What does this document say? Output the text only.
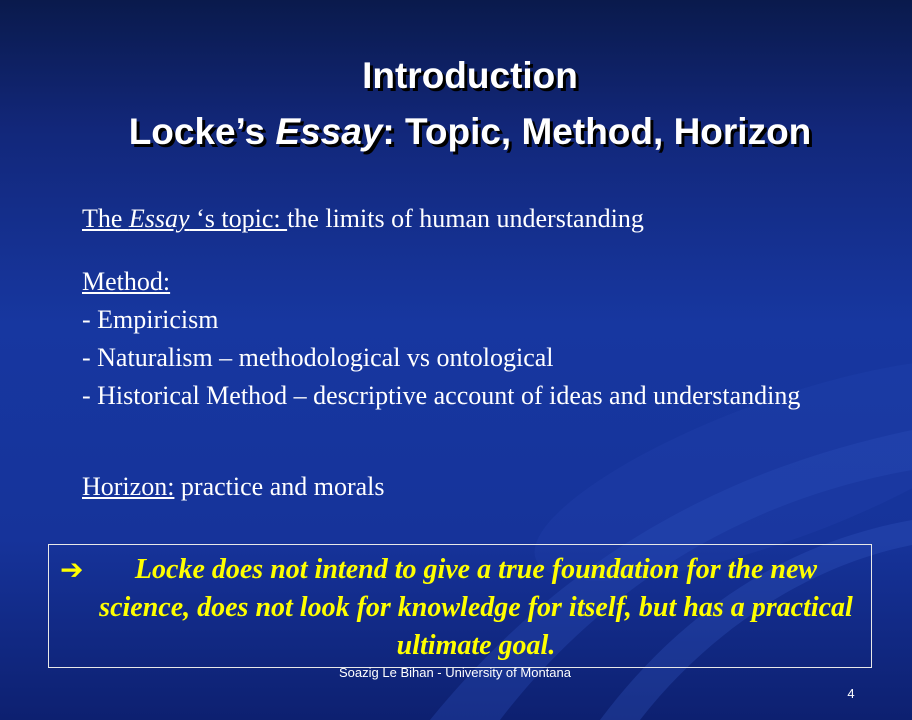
Introduction
Locke’s Essay: Topic, Method, Horizon
The Essay ‘s topic: the limits of human understanding
Method:
- Empiricism
- Naturalism – methodological vs ontological
- Historical Method – descriptive account of ideas and understanding
Horizon: practice and morals
➔	Locke does not intend to give a true foundation for the new science, does not look for knowledge for itself, but has a practical ultimate goal.
Soazig Le Bihan - University of Montana
4
